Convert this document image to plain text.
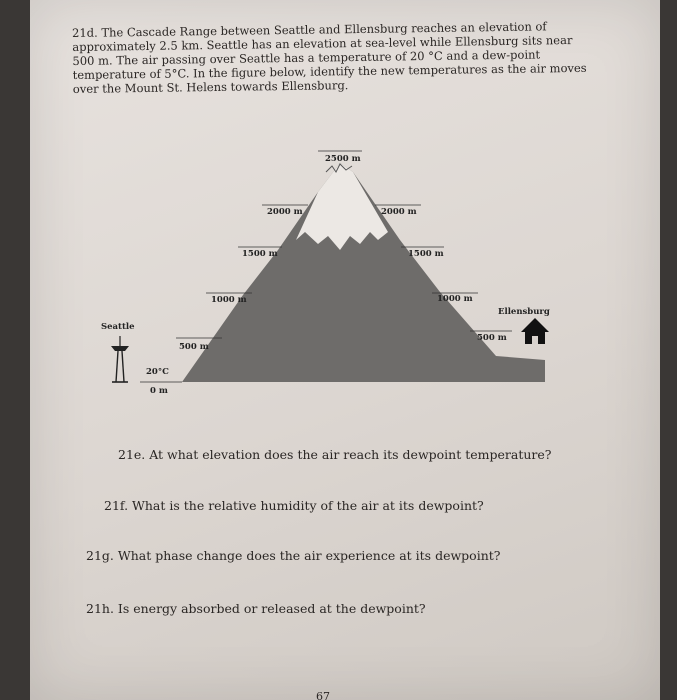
21d. The Cascade Range between Seattle and Ellensburg reaches an elevation of approximately 2.5 km. Seattle has an elevation at sea-level while Ellensburg sits near 500 m. The air passing over Seattle has a temperature of 20 °C and a dew-point temperature of 5°C. In the figure below, identify the new temperatures as the air moves over the Mount St. Helens towards Ellensburg.

2500 m
2000 m	2000 m
1500 m	1500 m
1000 m	1000 m
500 m
500 m
20°C
0 m
Seattle
Ellensburg

21e. At what elevation does the air reach its dewpoint temperature?

21f. What is the relative humidity of the air at its dewpoint?

21g. What phase change does the air experience at its dewpoint?

21h. Is energy absorbed or released at the dewpoint?

67
